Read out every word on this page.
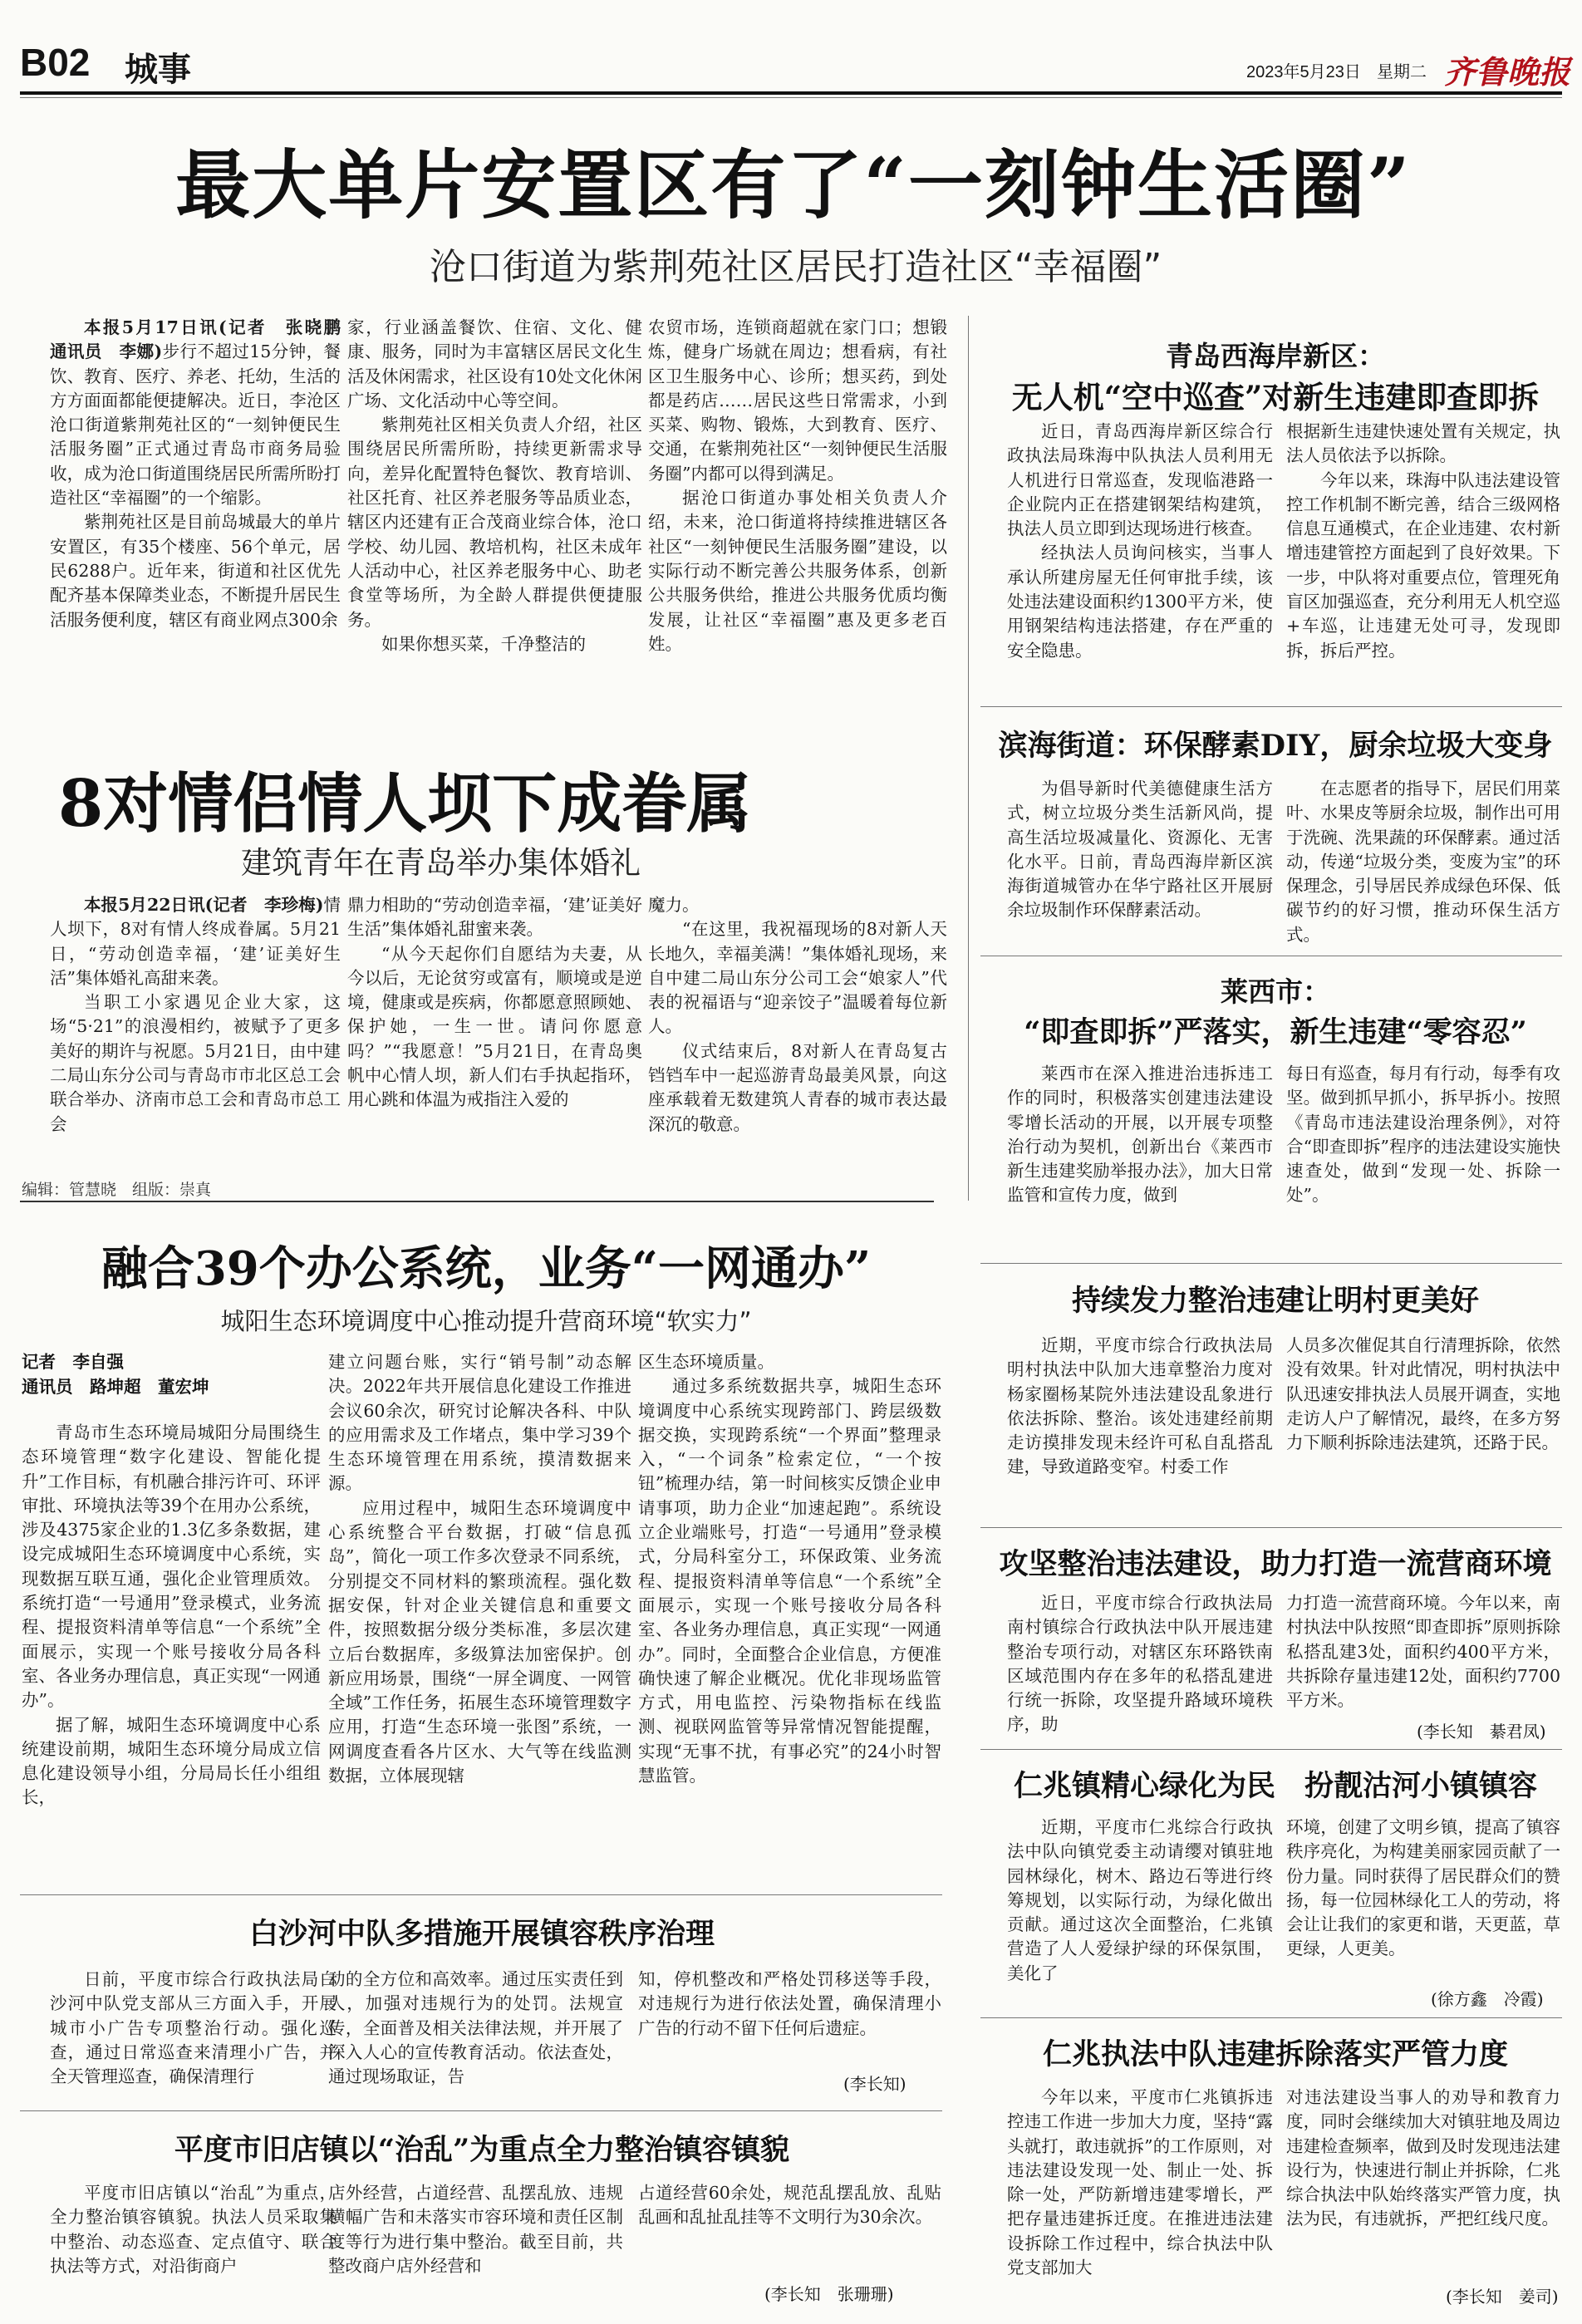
B02 城事	2023年5月23日 星期二 齐鲁晚报
最大单片安置区有了“一刻钟生活圈”
沧口街道为紫荆苑社区居民打造社区“幸福圈”

本报5月17日讯(记者　张晓鹏　通讯员　李娜)步行不超过15分钟，餐饮、教育、医疗、养老、托幼，生活的方方面面都能便捷解决。近日，李沧区沧口街道紫荆苑社区的“一刻钟便民生活服务圈”正式通过青岛市商务局验收，成为沧口街道围绕居民所需所盼打造社区“幸福圈”的一个缩影。

紫荆苑社区是目前岛城最大的单片安置区，有35个楼座、56个单元，居民6288户。近年来，街道和社区优先配齐基本保障类业态，不断提升居民生活服务便利度，辖区有商业网点300余

家，行业涵盖餐饮、住宿、文化、健康、服务，同时为丰富辖区居民文化生活及休闲需求，社区设有10处文化休闲广场、文化活动中心等空间。

紫荆苑社区相关负责人介绍，社区围绕居民所需所盼，持续更新需求导向，差异化配置特色餐饮、教育培训、社区托育、社区养老服务等品质业态，辖区内还建有正合茂商业综合体，沧口学校、幼儿园、教培机构，社区未成年人活动中心，社区养老服务中心、助老食堂等场所，为全龄人群提供便捷服务。

如果你想买菜，千净整洁的

农贸市场，连锁商超就在家门口；想锻炼，健身广场就在周边；想看病，有社区卫生服务中心、诊所；想买药，到处都是药店……居民这些日常需求，小到买菜、购物、锻炼，大到教育、医疗、交通，在紫荆苑社区“一刻钟便民生活服务圈”内都可以得到满足。

据沧口街道办事处相关负责人介绍，未来，沧口街道将持续推进辖区各社区“一刻钟便民生活服务圈”建设，以实际行动不断完善公共服务体系，创新公共服务供给，推进公共服务优质均衡发展，让社区“幸福圈”惠及更多老百姓。

8对情侣情人坝下成眷属
建筑青年在青岛举办集体婚礼

本报5月22日讯(记者　李珍梅)情人坝下，8对有情人终成眷属。5月21日，“劳动创造幸福，‘建’证美好生活”集体婚礼高甜来袭。

当职工小家遇见企业大家，这场“5·21”的浪漫相约，被赋予了更多美好的期许与祝愿。5月21日，由中建二局山东分公司与青岛市市北区总工会联合举办、济南市总工会和青岛市总工会

鼎力相助的“劳动创造幸福，‘建’证美好生活”集体婚礼甜蜜来袭。

“从今天起你们自愿结为夫妻，从今以后，无论贫穷或富有，顺境或是逆境，健康或是疾病，你都愿意照顾她、保护她，一生一世。请问你愿意吗？”“我愿意！”5月21日，在青岛奥帆中心情人坝，新人们右手执起指环，用心跳和体温为戒指注入爱的

魔力。

“在这里，我祝福现场的8对新人天长地久，幸福美满！”集体婚礼现场，来自中建二局山东分公司工会“娘家人”代表的祝福语与“迎亲饺子”温暖着每位新人。

仪式结束后，8对新人在青岛复古铛铛车中一起巡游青岛最美风景，向这座承载着无数建筑人青春的城市表达最深沉的敬意。

编辑：管慧晓　组版：崇真
融合39个办公系统，业务“一网通办”
城阳生态环境调度中心推动提升营商环境“软实力”
记者　李自强
通讯员　路坤超　董宏坤

青岛市生态环境局城阳分局围绕生态环境管理“数字化建设、智能化提升”工作目标，有机融合排污许可、环评审批、环境执法等39个在用办公系统，涉及4375家企业的1.3亿多条数据，建设完成城阳生态环境调度中心系统，实现数据互联互通，强化企业管理质效。系统打造“一号通用”登录模式，业务流程、提报资料清单等信息“一个系统”全面展示，实现一个账号接收分局各科室、各业务办理信息，真正实现“一网通办”。

据了解，城阳生态环境调度中心系统建设前期，城阳生态环境分局成立信息化建设领导小组，分局局长任小组组长，

建立问题台账，实行“销号制”动态解决。2022年共开展信息化建设工作推进会议60余次，研究讨论解决各科、中队的应用需求及工作堵点，集中学习39个生态环境管理在用系统，摸清数据来源。

应用过程中，城阳生态环境调度中心系统整合平台数据，打破“信息孤岛”，简化一项工作多次登录不同系统，分别提交不同材料的繁琐流程。强化数据安保，针对企业关键信息和重要文件，按照数据分级分类标准，多层次建立后台数据库，多级算法加密保护。创新应用场景，围绕“一屏全调度、一网管全域”工作任务，拓展生态环境管理数字应用，打造“生态环境一张图”系统，一网调度查看各片区水、大气等在线监测数据，立体展现辖

区生态环境质量。

通过多系统数据共享，城阳生态环境调度中心系统实现跨部门、跨层级数据交换，实现跨系统“一个界面”整理录入，“一个词条”检索定位，“一个按钮”梳理办结，第一时间核实反馈企业申请事项，助力企业“加速起跑”。系统设立企业端账号，打造“一号通用”登录模式，分局科室分工，环保政策、业务流程、提报资料清单等信息“一个系统”全面展示，实现一个账号接收分局各科室、各业务办理信息，真正实现“一网通办”。同时，全面整合企业信息，方便准确快速了解企业概况。优化非现场监管方式，用电监控、污染物指标在线监测、视联网监管等异常情况智能提醒，实现“无事不扰，有事必究”的24小时智慧监管。

白沙河中队多措施开展镇容秩序治理

日前，平度市综合行政执法局白沙河中队党支部从三方面入手，开展城市小广告专项整治行动。强化巡查，通过日常巡查来清理小广告，并全天管理巡查，确保清理行

动的全方位和高效率。通过压实责任到人，加强对违规行为的处罚。法规宣传，全面普及相关法律法规，并开展了深入人心的宣传教育活动。依法查处，通过现场取证，告

知，停机整改和严格处罚移送等手段，对违规行为进行依法处置，确保清理小广告的行动不留下任何后遗症。

(李长知)
平度市旧店镇以“治乱”为重点全力整治镇容镇貌

平度市旧店镇以“治乱”为重点，全力整治镇容镇貌。执法人员采取集中整治、动态巡查、定点值守、联合执法等方式，对沿街商户

店外经营，占道经营、乱摆乱放、违规横幅广告和未落实市容环境和责任区制度等行为进行集中整治。截至目前，共整改商户店外经营和

占道经营60余处，规范乱摆乱放、乱贴乱画和乱扯乱挂等不文明行为30余次。

(李长知　张珊珊)
青岛西海岸新区：
无人机“空中巡查”对新生违建即查即拆

近日，青岛西海岸新区综合行政执法局珠海中队执法人员利用无人机进行日常巡查，发现临港路一企业院内正在搭建钢架结构建筑，执法人员立即到达现场进行核查。

经执法人员询问核实，当事人承认所建房屋无任何审批手续，该处违法建设面积约1300平方米，使用钢架结构违法搭建，存在严重的安全隐患。

根据新生违建快速处置有关规定，执法人员依法予以拆除。

今年以来，珠海中队违法建设管控工作机制不断完善，结合三级网格信息互通模式，在企业违建、农村新增违建管控方面起到了良好效果。下一步，中队将对重要点位，管理死角盲区加强巡查，充分利用无人机空巡+车巡，让违建无处可寻，发现即拆，拆后严控。

滨海街道：环保酵素DIY，厨余垃圾大变身

为倡导新时代美德健康生活方式，树立垃圾分类生活新风尚，提高生活垃圾减量化、资源化、无害化水平。日前，青岛西海岸新区滨海街道城管办在华宁路社区开展厨余垃圾制作环保酵素活动。

在志愿者的指导下，居民们用菜叶、水果皮等厨余垃圾，制作出可用于洗碗、洗果蔬的环保酵素。通过活动，传递“垃圾分类，变废为宝”的环保理念，引导居民养成绿色环保、低碳节约的好习惯，推动环保生活方式。

莱西市：
“即查即拆”严落实，新生违建“零容忍”

莱西市在深入推进治违拆违工作的同时，积极落实创建违法建设零增长活动的开展，以开展专项整治行动为契机，创新出台《莱西市新生违建奖励举报办法》，加大日常监管和宣传力度，做到

每日有巡查，每月有行动，每季有攻坚。做到抓早抓小，拆早拆小。按照《青岛市违法建设治理条例》，对符合“即查即拆”程序的违法建设实施快速查处，做到“发现一处、拆除一处”。

持续发力整治违建让明村更美好

近期，平度市综合行政执法局明村执法中队加大违章整治力度对杨家圈杨某院外违法建设乱象进行依法拆除、整治。该处违建经前期走访摸排发现未经许可私自乱搭乱建，导致道路变窄。村委工作

人员多次催促其自行清理拆除，依然没有效果。针对此情况，明村执法中队迅速安排执法人员展开调查，实地走访人户了解情况，最终，在多方努力下顺利拆除违法建筑，还路于民。

攻坚整治违法建设，助力打造一流营商环境

近日，平度市综合行政执法局南村镇综合行政执法中队开展违建整治专项行动，对辖区东环路铁南区域范围内存在多年的私搭乱建进行统一拆除，攻坚提升路域环境秩序，助

力打造一流营商环境。今年以来，南村执法中队按照“即查即拆”原则拆除私搭乱建3处，面积约400平方米，共拆除存量违建12处，面积约7700平方米。

(李长知　綦君凤)
仁兆镇精心绿化为民　扮靓沽河小镇镇容

近期，平度市仁兆综合行政执法中队向镇党委主动请缨对镇驻地园林绿化，树木、路边石等进行终筹规划，以实际行动，为绿化做出贡献。通过这次全面整治，仁兆镇营造了人人爱绿护绿的环保氛围，美化了

环境，创建了文明乡镇，提高了镇容秩序亮化，为构建美丽家园贡献了一份力量。同时获得了居民群众们的赞扬，每一位园林绿化工人的劳动，将会让让我们的家更和谐，天更蓝，草更绿，人更美。

(徐方鑫　冷霞)
仁兆执法中队违建拆除落实严管力度

今年以来，平度市仁兆镇拆违控违工作进一步加大力度，坚持“露头就打，敢违就拆”的工作原则，对违法建设发现一处、制止一处、拆除一处，严防新增违建零增长，严把存量违建拆迁度。在推进违法建设拆除工作过程中，综合执法中队党支部加大

对违法建设当事人的劝导和教育力度，同时会继续加大对镇驻地及周边违建检查频率，做到及时发现违法建设行为，快速进行制止并拆除，仁兆综合执法中队始终落实严管力度，执法为民，有违就拆，严把红线尺度。

(李长知　姜司)
